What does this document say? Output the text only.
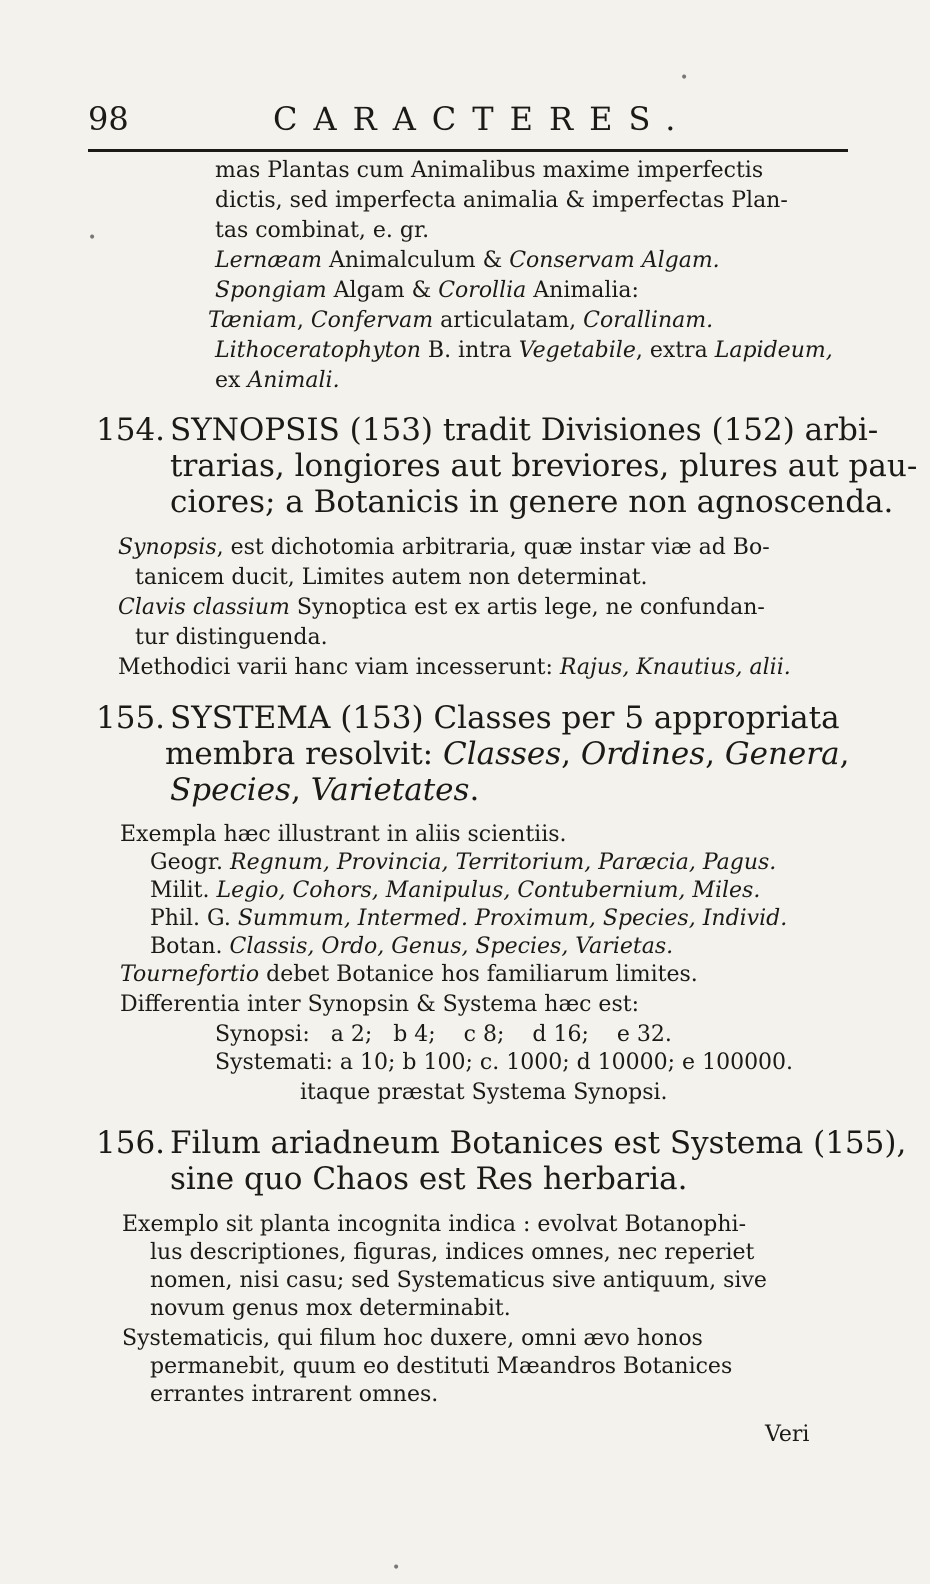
98	CARACTERES.
mas Plantas cum Animalibus maxime imperfectis
dictis, sed imperfecta animalia & imperfectas Plan-
tas combinat, e. gr.
Lernæam Animalculum & Conservam Algam.
Spongiam Algam & Corollia Animalia:
Tæniam, Confervam articulatam, Corallinam.
Lithoceratophyton B. intra Vegetabile, extra Lapideum,
ex Animali.
154. SYNOPSIS (153) tradit Divisiones (152) arbi-
trarias, longiores aut breviores, plures aut pau-
ciores; a Botanicis in genere non agnoscenda.
Synopsis, est dichotomia arbitraria, quæ instar viæ ad Bo-
tanicem ducit, Limites autem non determinat.
Clavis classium Synoptica est ex artis lege, ne confundan-
tur distinguenda.
Methodici varii hanc viam incesserunt: Rajus, Knautius, alii.
155. SYSTEMA (153) Classes per 5 appropriata
membra resolvit: Classes, Ordines, Genera,
Species, Varietates.
Exempla hæc illustrant in aliis scientiis.
Geogr. Regnum, Provincia, Territorium, Paræcia, Pagus.
Milit. Legio, Cohors, Manipulus, Contubernium, Miles.
Phil. G. Summum, Intermed. Proximum, Species, Individ.
Botan. Classis, Ordo, Genus, Species, Varietas.
Tournefortio debet Botanice hos familiarum limites.
Differentia inter Synopsin & Systema hæc est:
Synopsi:   a 2;   b 4;    c 8;    d 16;    e 32.
Systemati: a 10; b 100; c. 1000; d 10000; e 100000.
itaque præstat Systema Synopsi.
156. Filum ariadneum Botanices est Systema (155),
sine quo Chaos est Res herbaria.
Exemplo sit planta incognita indica : evolvat Botanophi-
lus descriptiones, figuras, indices omnes, nec reperiet
nomen, nisi casu; sed Systematicus sive antiquum, sive
novum genus mox determinabit.
Systematicis, qui filum hoc duxere, omni ævo honos
permanebit, quum eo destituti Mæandros Botanices
errantes intrarent omnes.
Veri
•
•
•
